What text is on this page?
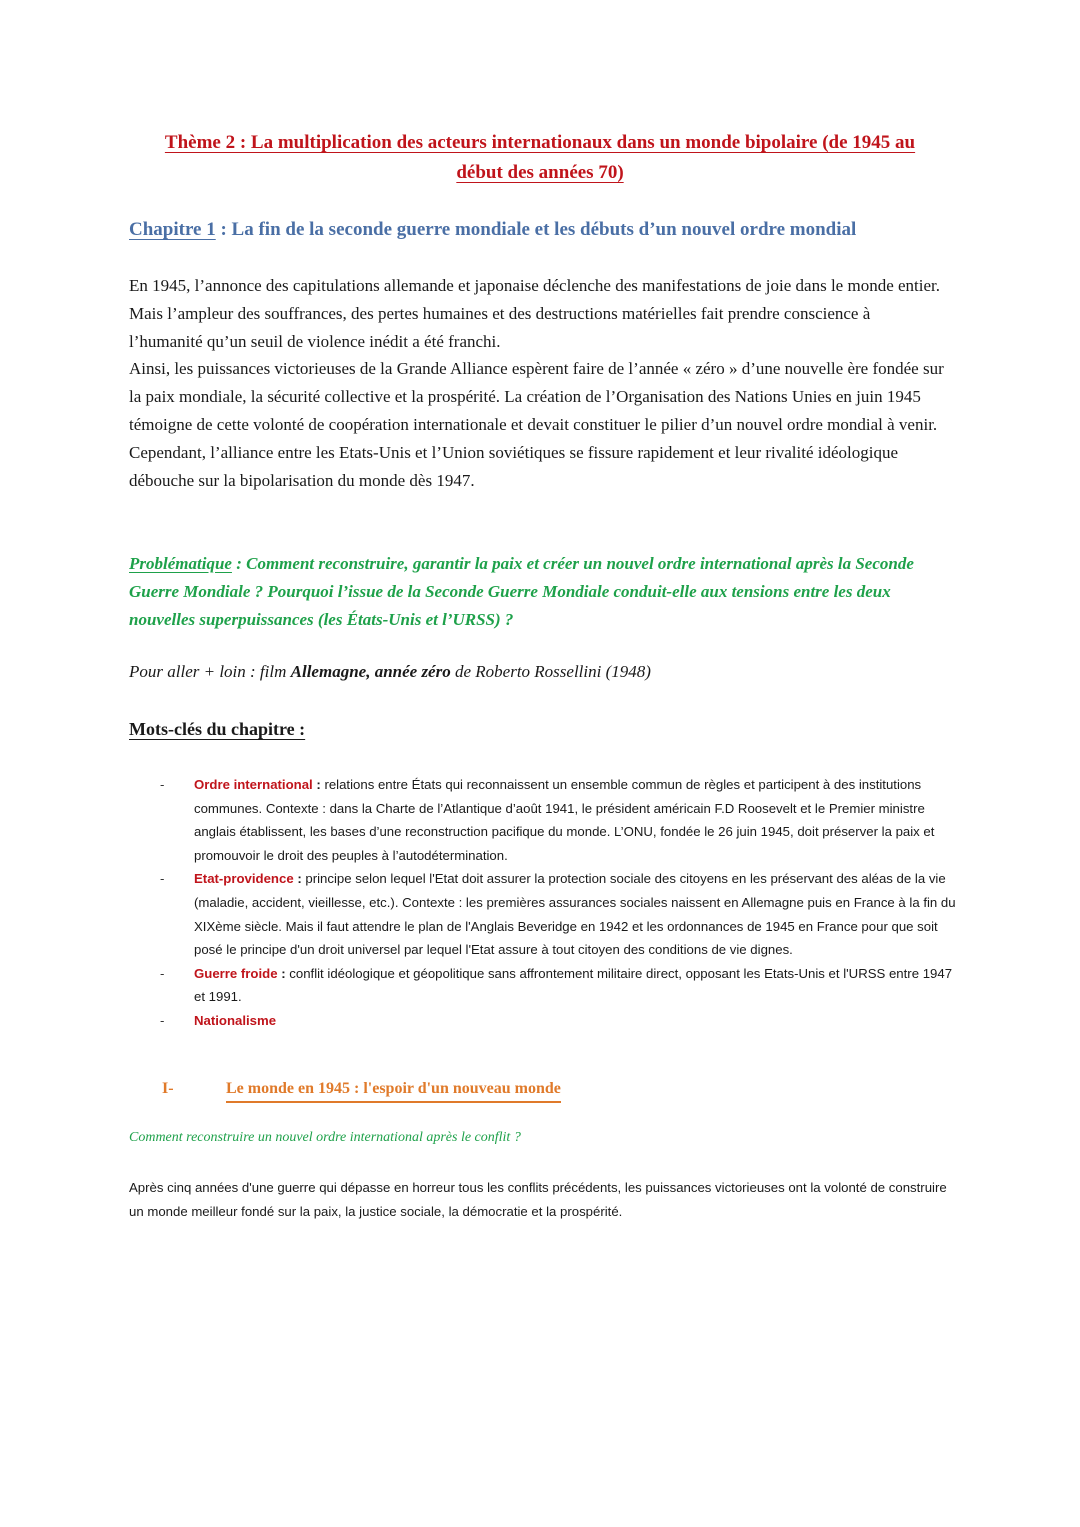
Thème 2 : La multiplication des acteurs internationaux dans un monde bipolaire (de 1945 au
début des années 70)
Chapitre 1 : La fin de la seconde guerre mondiale et les débuts d’un nouvel ordre mondial

En 1945, l’annonce des capitulations allemande et japonaise déclenche des manifestations de joie dans le monde entier. Mais l’ampleur des souffrances, des pertes humaines et des destructions matérielles fait prendre conscience à l’humanité qu’un seuil de violence inédit a été franchi.

Ainsi, les puissances victorieuses de la Grande Alliance espèrent faire de l’année « zéro » d’une nouvelle ère fondée sur la paix mondiale, la sécurité collective et la prospérité. La création de l’Organisation des Nations Unies en juin 1945 témoigne de cette volonté de coopération internationale et devait constituer le pilier d’un nouvel ordre mondial à venir.

Cependant, l’alliance entre les Etats-Unis et l’Union soviétiques se fissure rapidement et leur rivalité idéologique débouche sur la bipolarisation du monde dès 1947.

Problématique : Comment reconstruire, garantir la paix et créer un nouvel ordre international après la Seconde Guerre Mondiale ? Pourquoi l’issue de la Seconde Guerre Mondiale conduit-elle aux tensions entre les deux nouvelles superpuissances (les États-Unis et l’URSS) ?

Pour aller + loin : film Allemagne, année zéro de Roberto Rossellini (1948)

Mots-clés du chapitre :

- Ordre international : relations entre États qui reconnaissent un ensemble commun de règles et participent à des institutions communes. Contexte : dans la Charte de l’Atlantique d’août 1941, le président américain F.D Roosevelt et le Premier ministre anglais établissent, les bases d’une reconstruction pacifique du monde. L’ONU, fondée le 26 juin 1945, doit préserver la paix et promouvoir le droit des peuples à l’autodétermination.
- Etat-providence : principe selon lequel l'Etat doit assurer la protection sociale des citoyens en les préservant des aléas de la vie (maladie, accident, vieillesse, etc.). Contexte : les premières assurances sociales naissent en Allemagne puis en France à la fin du XIXème siècle. Mais il faut attendre le plan de l'Anglais Beveridge en 1942 et les ordonnances de 1945 en France pour que soit posé le principe d'un droit universel par lequel l'Etat assure à tout citoyen des conditions de vie dignes.
- Guerre froide : conflit idéologique et géopolitique sans affrontement militaire direct, opposant les Etats-Unis et l'URSS entre 1947 et 1991.
- Nationalisme
I-	Le monde en 1945 : l'espoir d'un nouveau monde

Comment reconstruire un nouvel ordre international après le conflit ?

Après cinq années d'une guerre qui dépasse en horreur tous les conflits précédents, les puissances victorieuses ont la volonté de construire un monde meilleur fondé sur la paix, la justice sociale, la démocratie et la prospérité.
